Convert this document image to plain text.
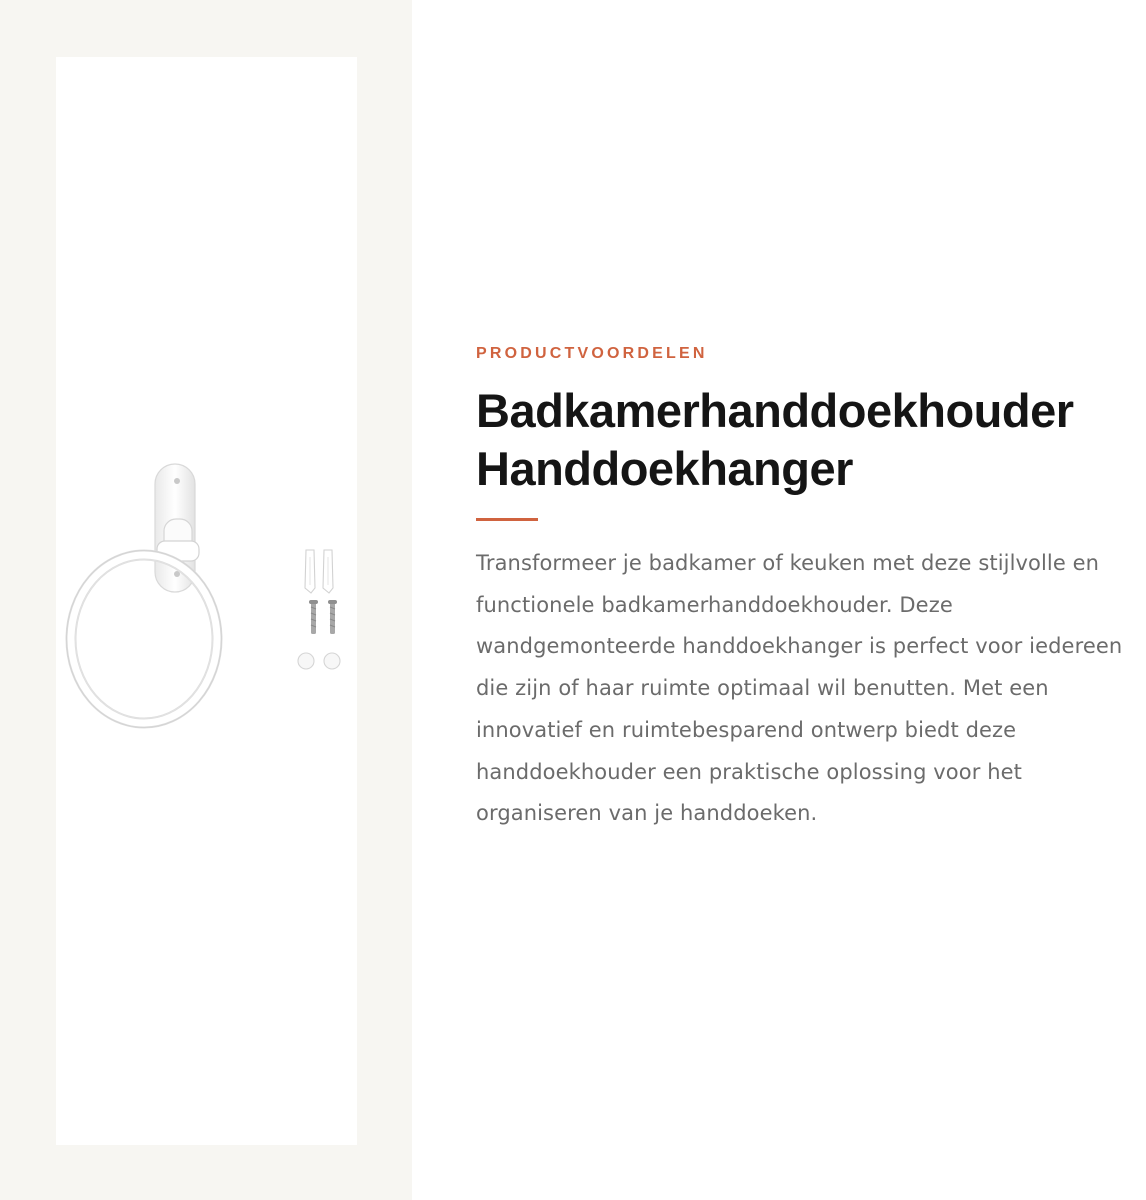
PRODUCTVOORDELEN

Badkamerhanddoekhouder
Handdoekhanger

Transformeer je badkamer of keuken met deze stijlvolle en functionele badkamerhanddoekhouder. Deze wandgemonteerde handdoekhanger is perfect voor iedereen die zijn of haar ruimte optimaal wil benutten. Met een innovatief en ruimtebesparend ontwerp biedt deze handdoekhouder een praktische oplossing voor het organiseren van je handdoeken.
